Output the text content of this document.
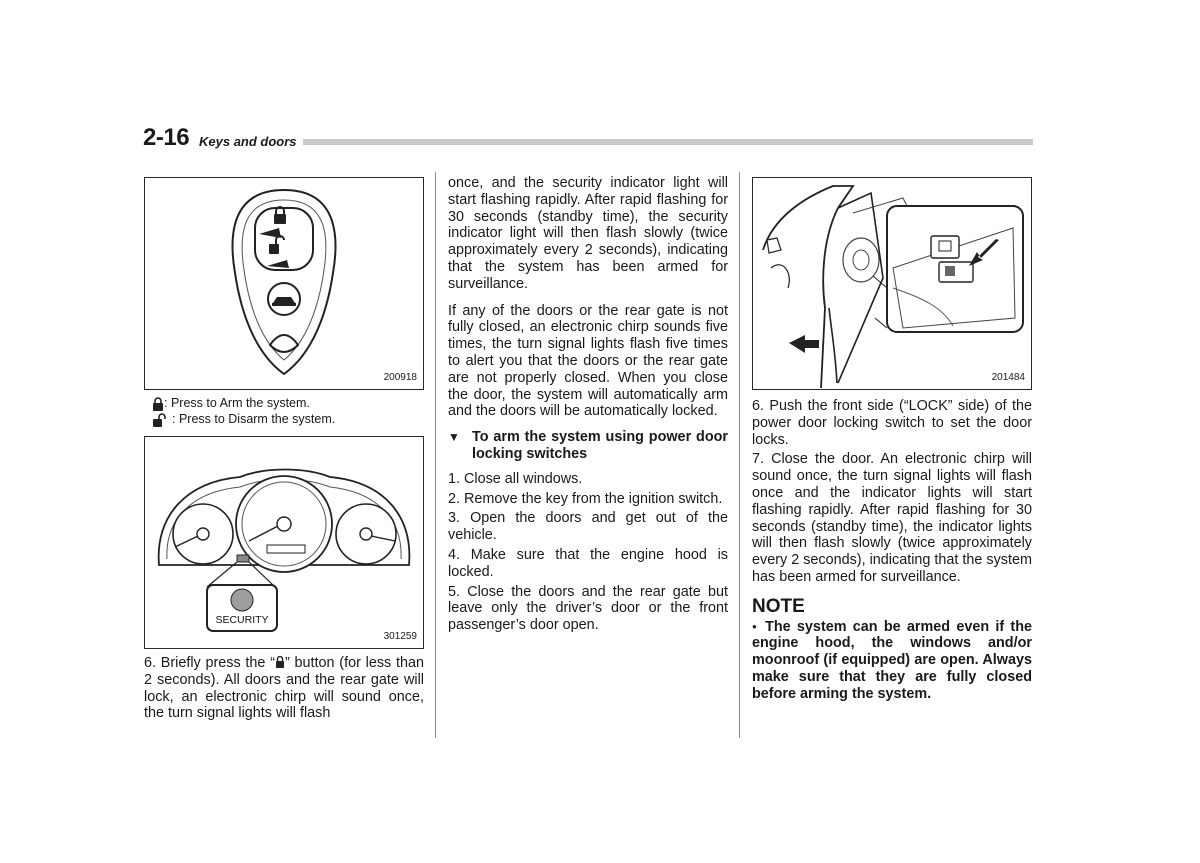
2-16 Keys and doors
200918
: Press to Arm the system.
: Press to Disarm the system.
SECURITY
301259

6. Briefly press the “ ” button (for less than 2 seconds). All doors and the rear gate will lock, an electronic chirp will sound once, the turn signal lights will flash

once, and the security indicator light will start flashing rapidly. After rapid flashing for 30 seconds (standby time), the security indicator light will then flash slowly (twice approximately every 2 seconds), indicating that the system has been armed for surveillance.

If any of the doors or the rear gate is not fully closed, an electronic chirp sounds five times, the turn signal lights flash five times to alert you that the doors or the rear gate are not properly closed. When you close the door, the system will automatically arm and the doors will be automatically locked.

▼ To arm the system using power door locking switches

1. Close all windows.

2. Remove the key from the ignition switch.

3. Open the doors and get out of the vehicle.

4. Make sure that the engine hood is locked.

5. Close the doors and the rear gate but leave only the driver’s door or the front passenger’s door open.

201484

6. Push the front side (“LOCK” side) of the power door locking switch to set the door locks.

7. Close the door. An electronic chirp will sound once, the turn signal lights will flash once and the indicator lights will start flashing rapidly. After rapid flashing for 30 seconds (standby time), the indicator lights will then flash slowly (twice approximately every 2 seconds), indicating that the system has been armed for surveillance.

NOTE

● The system can be armed even if the engine hood, the windows and/or moonroof (if equipped) are open. Always make sure that they are fully closed before arming the system.
